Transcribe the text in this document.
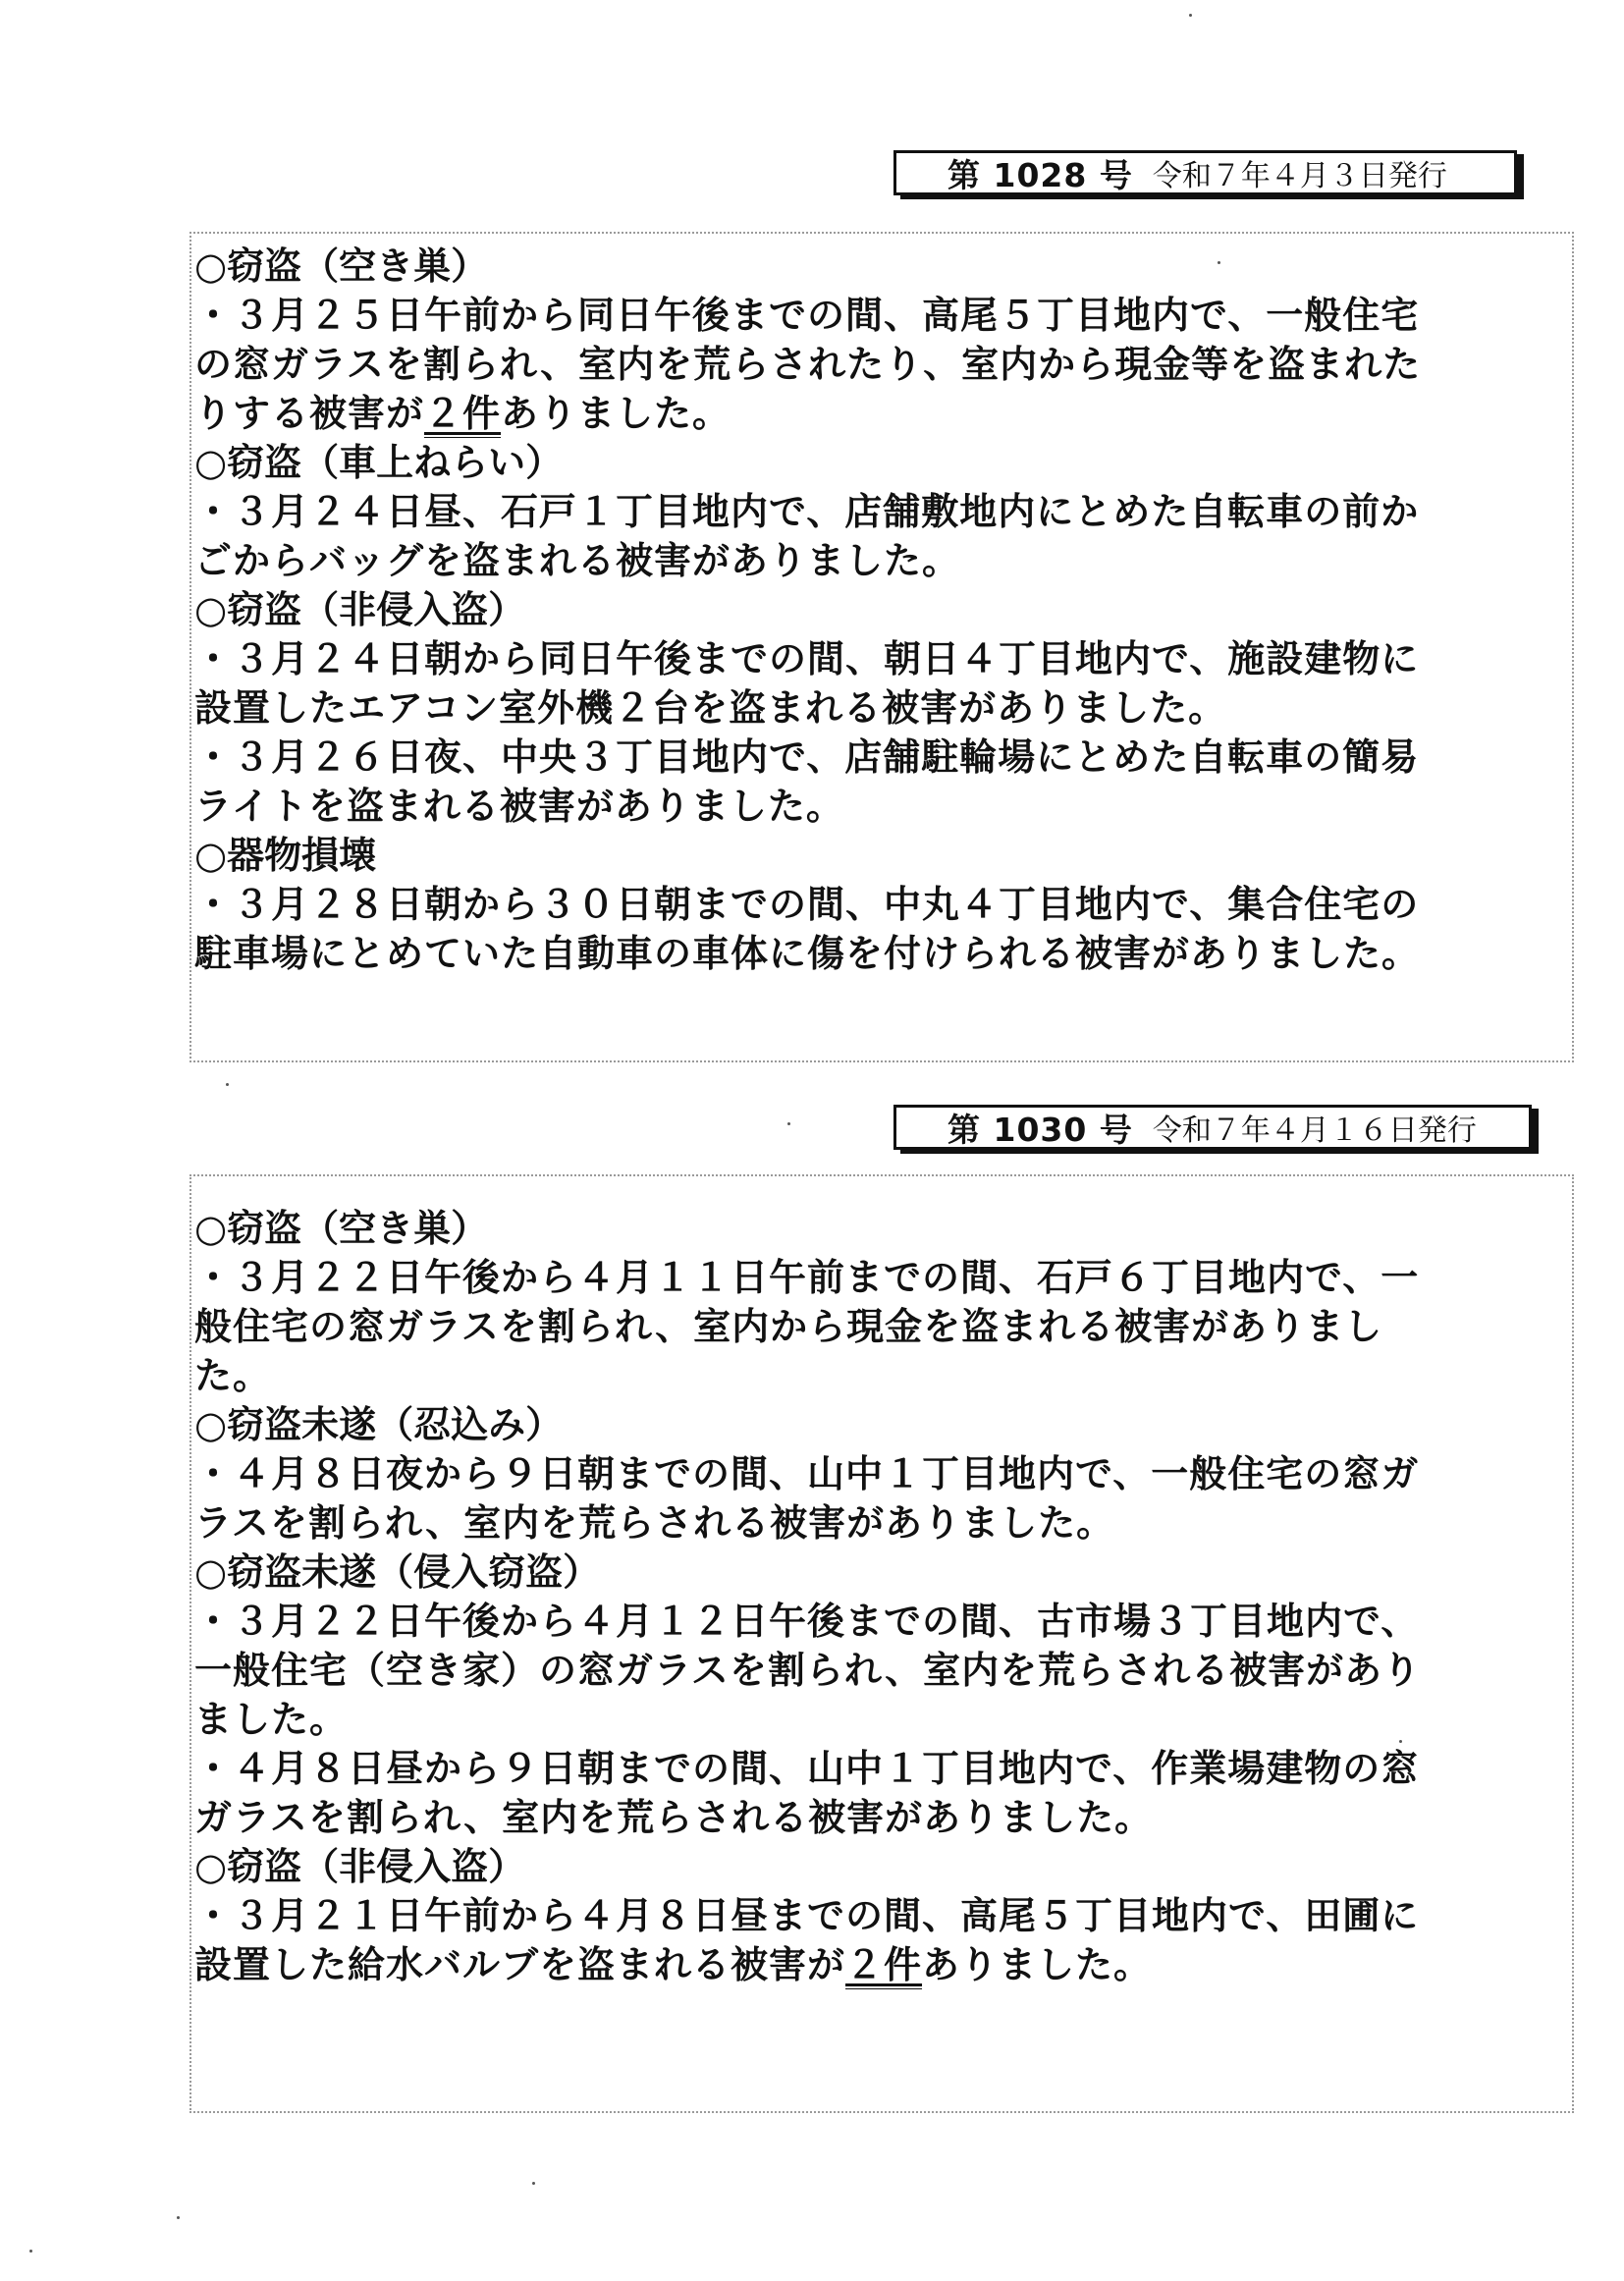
第 1028 号 令和７年４月３日発行
○窃盗（空き巣）
・３月２５日午前から同日午後までの間、高尾５丁目地内で、一般住宅
の窓ガラスを割られ、室内を荒らされたり、室内から現金等を盗まれた
りする被害が２件ありました。
○窃盗（車上ねらい）
・３月２４日昼、石戸１丁目地内で、店舗敷地内にとめた自転車の前か
ごからバッグを盗まれる被害がありました。
○窃盗（非侵入盗）
・３月２４日朝から同日午後までの間、朝日４丁目地内で、施設建物に
設置したエアコン室外機２台を盗まれる被害がありました。
・３月２６日夜、中央３丁目地内で、店舗駐輪場にとめた自転車の簡易
ライトを盗まれる被害がありました。
○器物損壊
・３月２８日朝から３０日朝までの間、中丸４丁目地内で、集合住宅の
駐車場にとめていた自動車の車体に傷を付けられる被害がありました。
第 1030 号 令和７年４月１６日発行
○窃盗（空き巣）
・３月２２日午後から４月１１日午前までの間、石戸６丁目地内で、一
般住宅の窓ガラスを割られ、室内から現金を盗まれる被害がありまし
た。
○窃盗未遂（忍込み）
・４月８日夜から９日朝までの間、山中１丁目地内で、一般住宅の窓ガ
ラスを割られ、室内を荒らされる被害がありました。
○窃盗未遂（侵入窃盗）
・３月２２日午後から４月１２日午後までの間、古市場３丁目地内で、
一般住宅（空き家）の窓ガラスを割られ、室内を荒らされる被害があり
ました。
・４月８日昼から９日朝までの間、山中１丁目地内で、作業場建物の窓
ガラスを割られ、室内を荒らされる被害がありました。
○窃盗（非侵入盗）
・３月２１日午前から４月８日昼までの間、高尾５丁目地内で、田圃に
設置した給水バルブを盗まれる被害が２件ありました。
